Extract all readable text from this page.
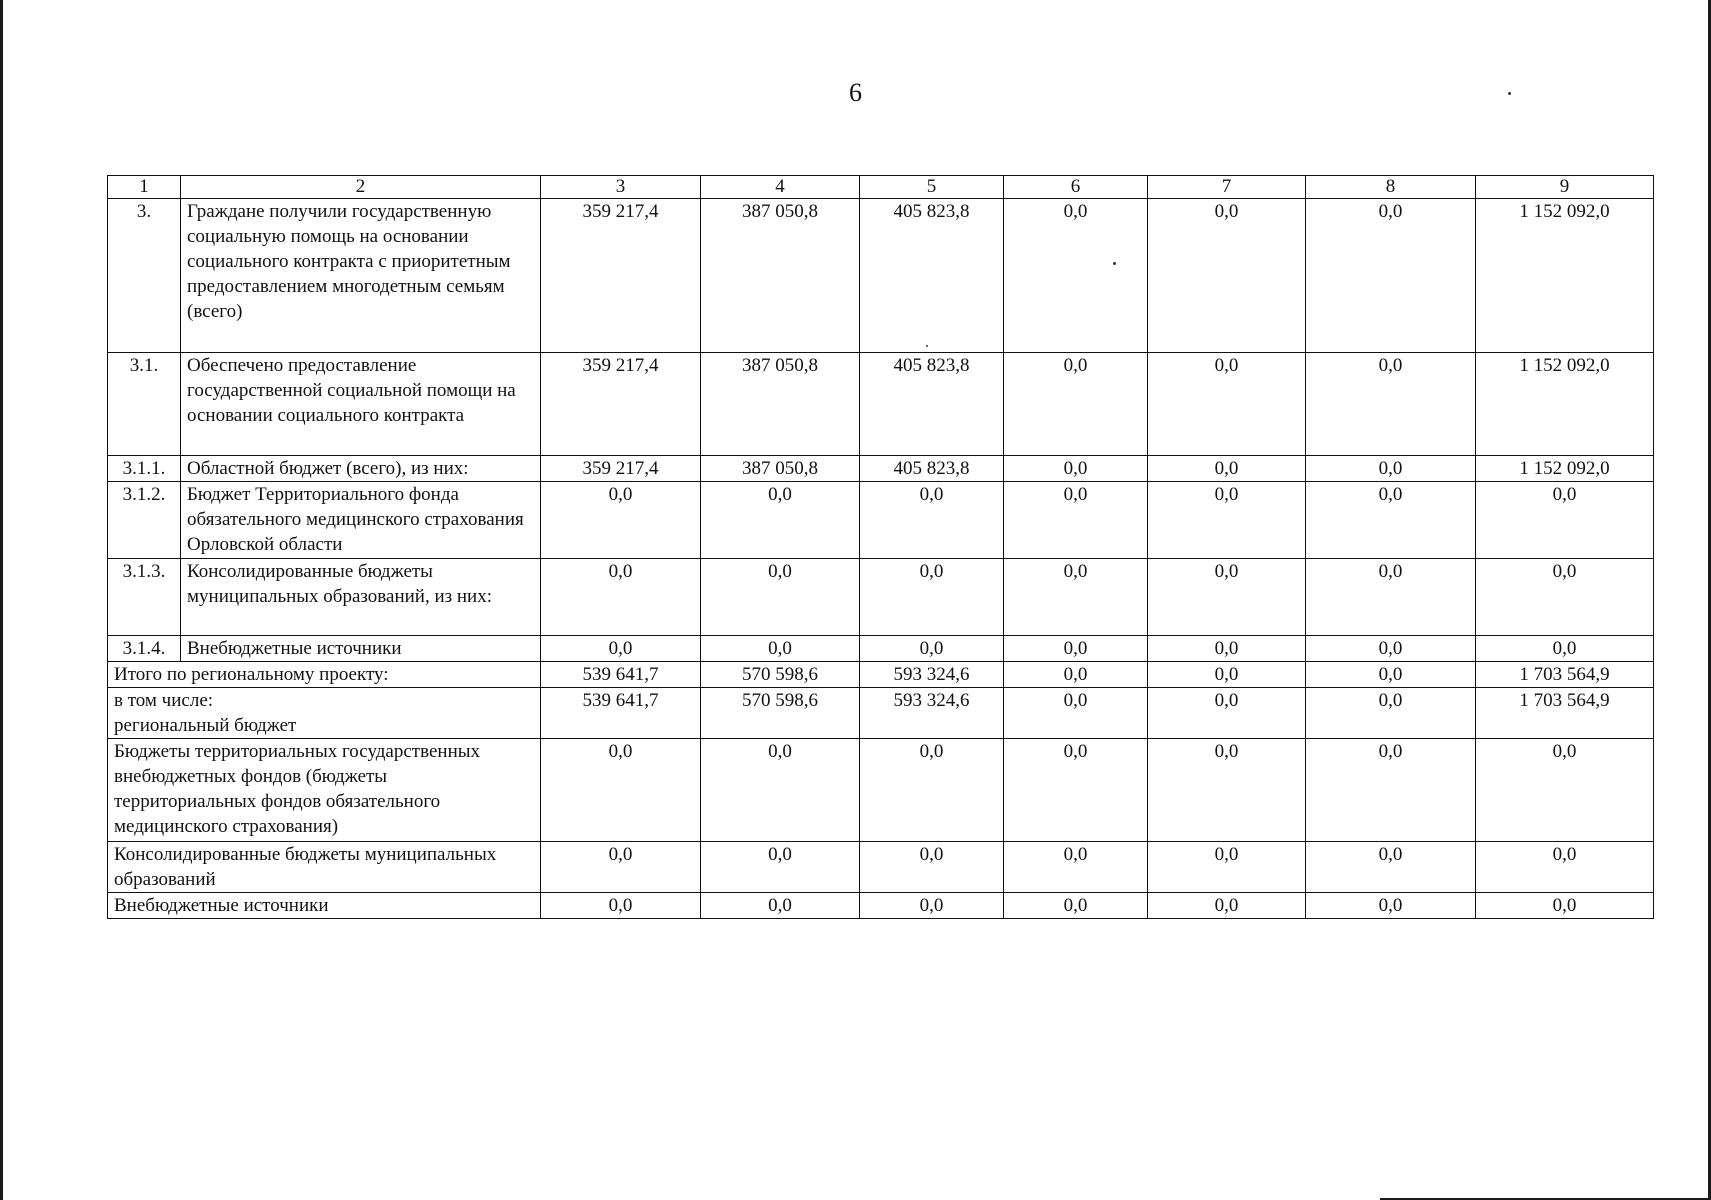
6
1	2	3	4	5	6	7	8	9
3.	Граждане получили государственную социальную помощь на основании социального контракта с приоритетным предоставлением многодетным семьям (всего)	359 217,4	387 050,8	405 823,8	0,0	0,0	0,0	1 152 092,0
3.1.	Обеспечено предоставление государственной социальной помощи на основании социального контракта	359 217,4	387 050,8	405 823,8	0,0	0,0	0,0	1 152 092,0
3.1.1.	Областной бюджет (всего), из них:	359 217,4	387 050,8	405 823,8	0,0	0,0	0,0	1 152 092,0
3.1.2.	Бюджет Территориального фонда обязательного медицинского страхования Орловской области	0,0	0,0	0,0	0,0	0,0	0,0	0,0
3.1.3.	Консолидированные бюджеты муниципальных образований, из них:	0,0	0,0	0,0	0,0	0,0	0,0	0,0
3.1.4.	Внебюджетные источники	0,0	0,0	0,0	0,0	0,0	0,0	0,0
Итого по региональному проекту:		539 641,7	570 598,6	593 324,6	0,0	0,0	0,0	1 703 564,9

в том числе:
региональный бюджет		539 641,7	570 598,6	593 324,6	0,0	0,0	0,0	1 703 564,9
Бюджеты территориальных государственных внебюджетных фондов (бюджеты территориальных фондов обязательного медицинского страхования)		0,0	0,0	0,0	0,0	0,0	0,0	0,0
Консолидированные бюджеты муниципальных образований		0,0	0,0	0,0	0,0	0,0	0,0	0,0
Внебюджетные источники		0,0	0,0	0,0	0,0	0,0	0,0	0,0
